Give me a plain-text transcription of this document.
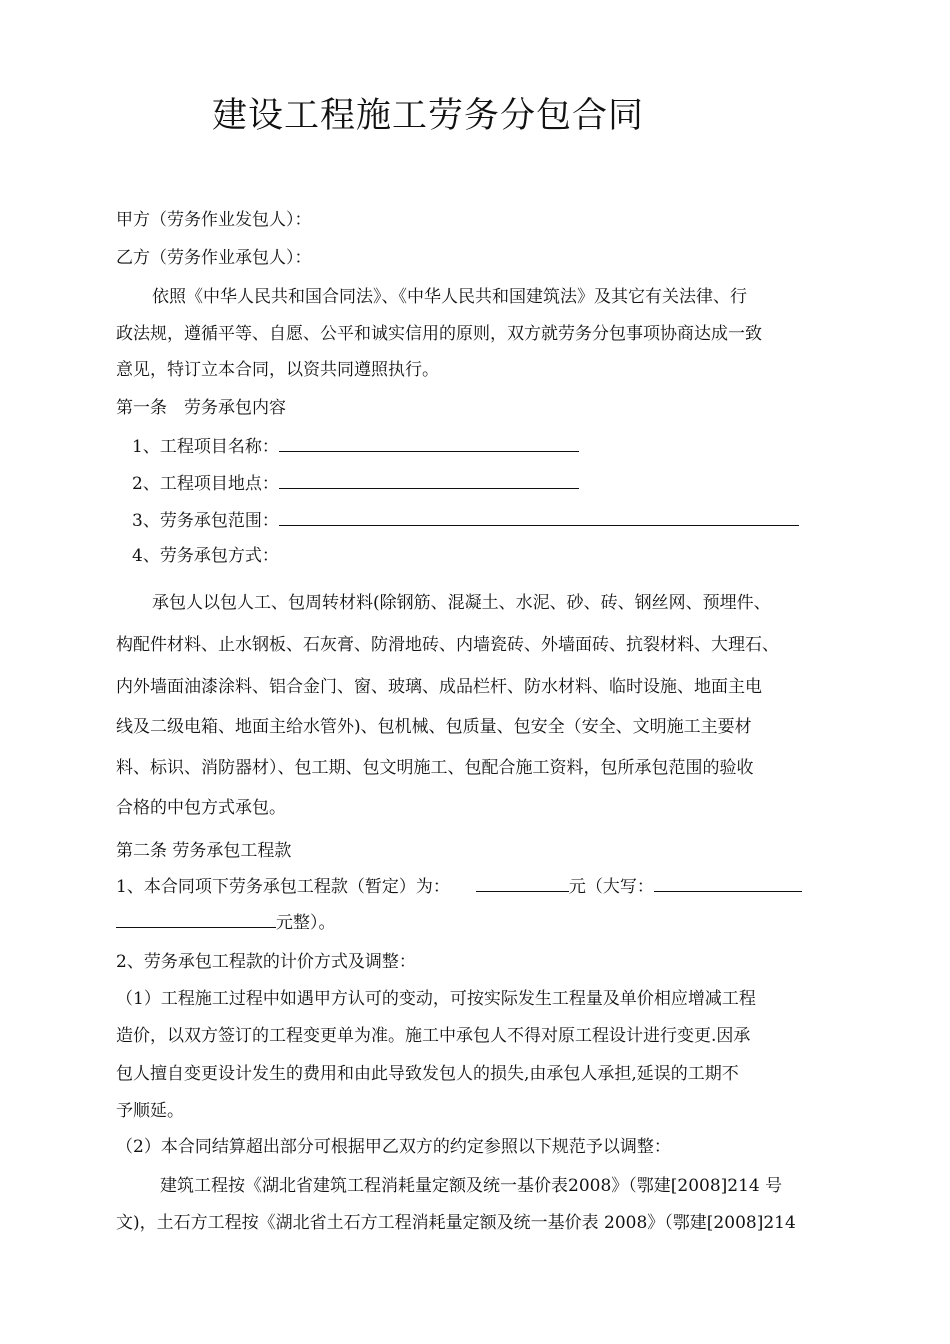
建设工程施工劳务分包合同
甲方（劳务作业发包人）：
乙方（劳务作业承包人）：
依照《中华人民共和国合同法》、《中华人民共和国建筑法》及其它有关法律、行
政法规，遵循平等、自愿、公平和诚实信用的原则，双方就劳务分包事项协商达成一致
意见，特订立本合同，以资共同遵照执行。
第一条　劳务承包内容
1、工程项目名称：
2、工程项目地点：
3、劳务承包范围：
4、劳务承包方式：
承包人以包人工、包周转材料(除钢筋、混凝土、水泥、砂、砖、钢丝网、预埋件、
构配件材料、止水钢板、石灰膏、防滑地砖、内墙瓷砖、外墙面砖、抗裂材料、大理石、
内外墙面油漆涂料、铝合金门、窗、玻璃、成品栏杆、防水材料、临时设施、地面主电
线及二级电箱、地面主给水管外)、包机械、包质量、包安全（安全、文明施工主要材
料、标识、消防器材）、包工期、包文明施工、包配合施工资料，包所承包范围的验收
合格的中包方式承包。
第二条 劳务承包工程款
1、本合同项下劳务承包工程款（暂定）为：	元（大写：
元整）。
2、劳务承包工程款的计价方式及调整：
（1）工程施工过程中如遇甲方认可的变动，可按实际发生工程量及单价相应增减工程
造价，以双方签订的工程变更单为准。施工中承包人不得对原工程设计进行变更.因承
包人擅自变更设计发生的费用和由此导致发包人的损失,由承包人承担,延误的工期不
予顺延。
（2）本合同结算超出部分可根据甲乙双方的约定参照以下规范予以调整：
建筑工程按《湖北省建筑工程消耗量定额及统一基价表2008》（鄂建[2008]214 号
文)，土石方工程按《湖北省土石方工程消耗量定额及统一基价表 2008》（鄂建[2008]214
